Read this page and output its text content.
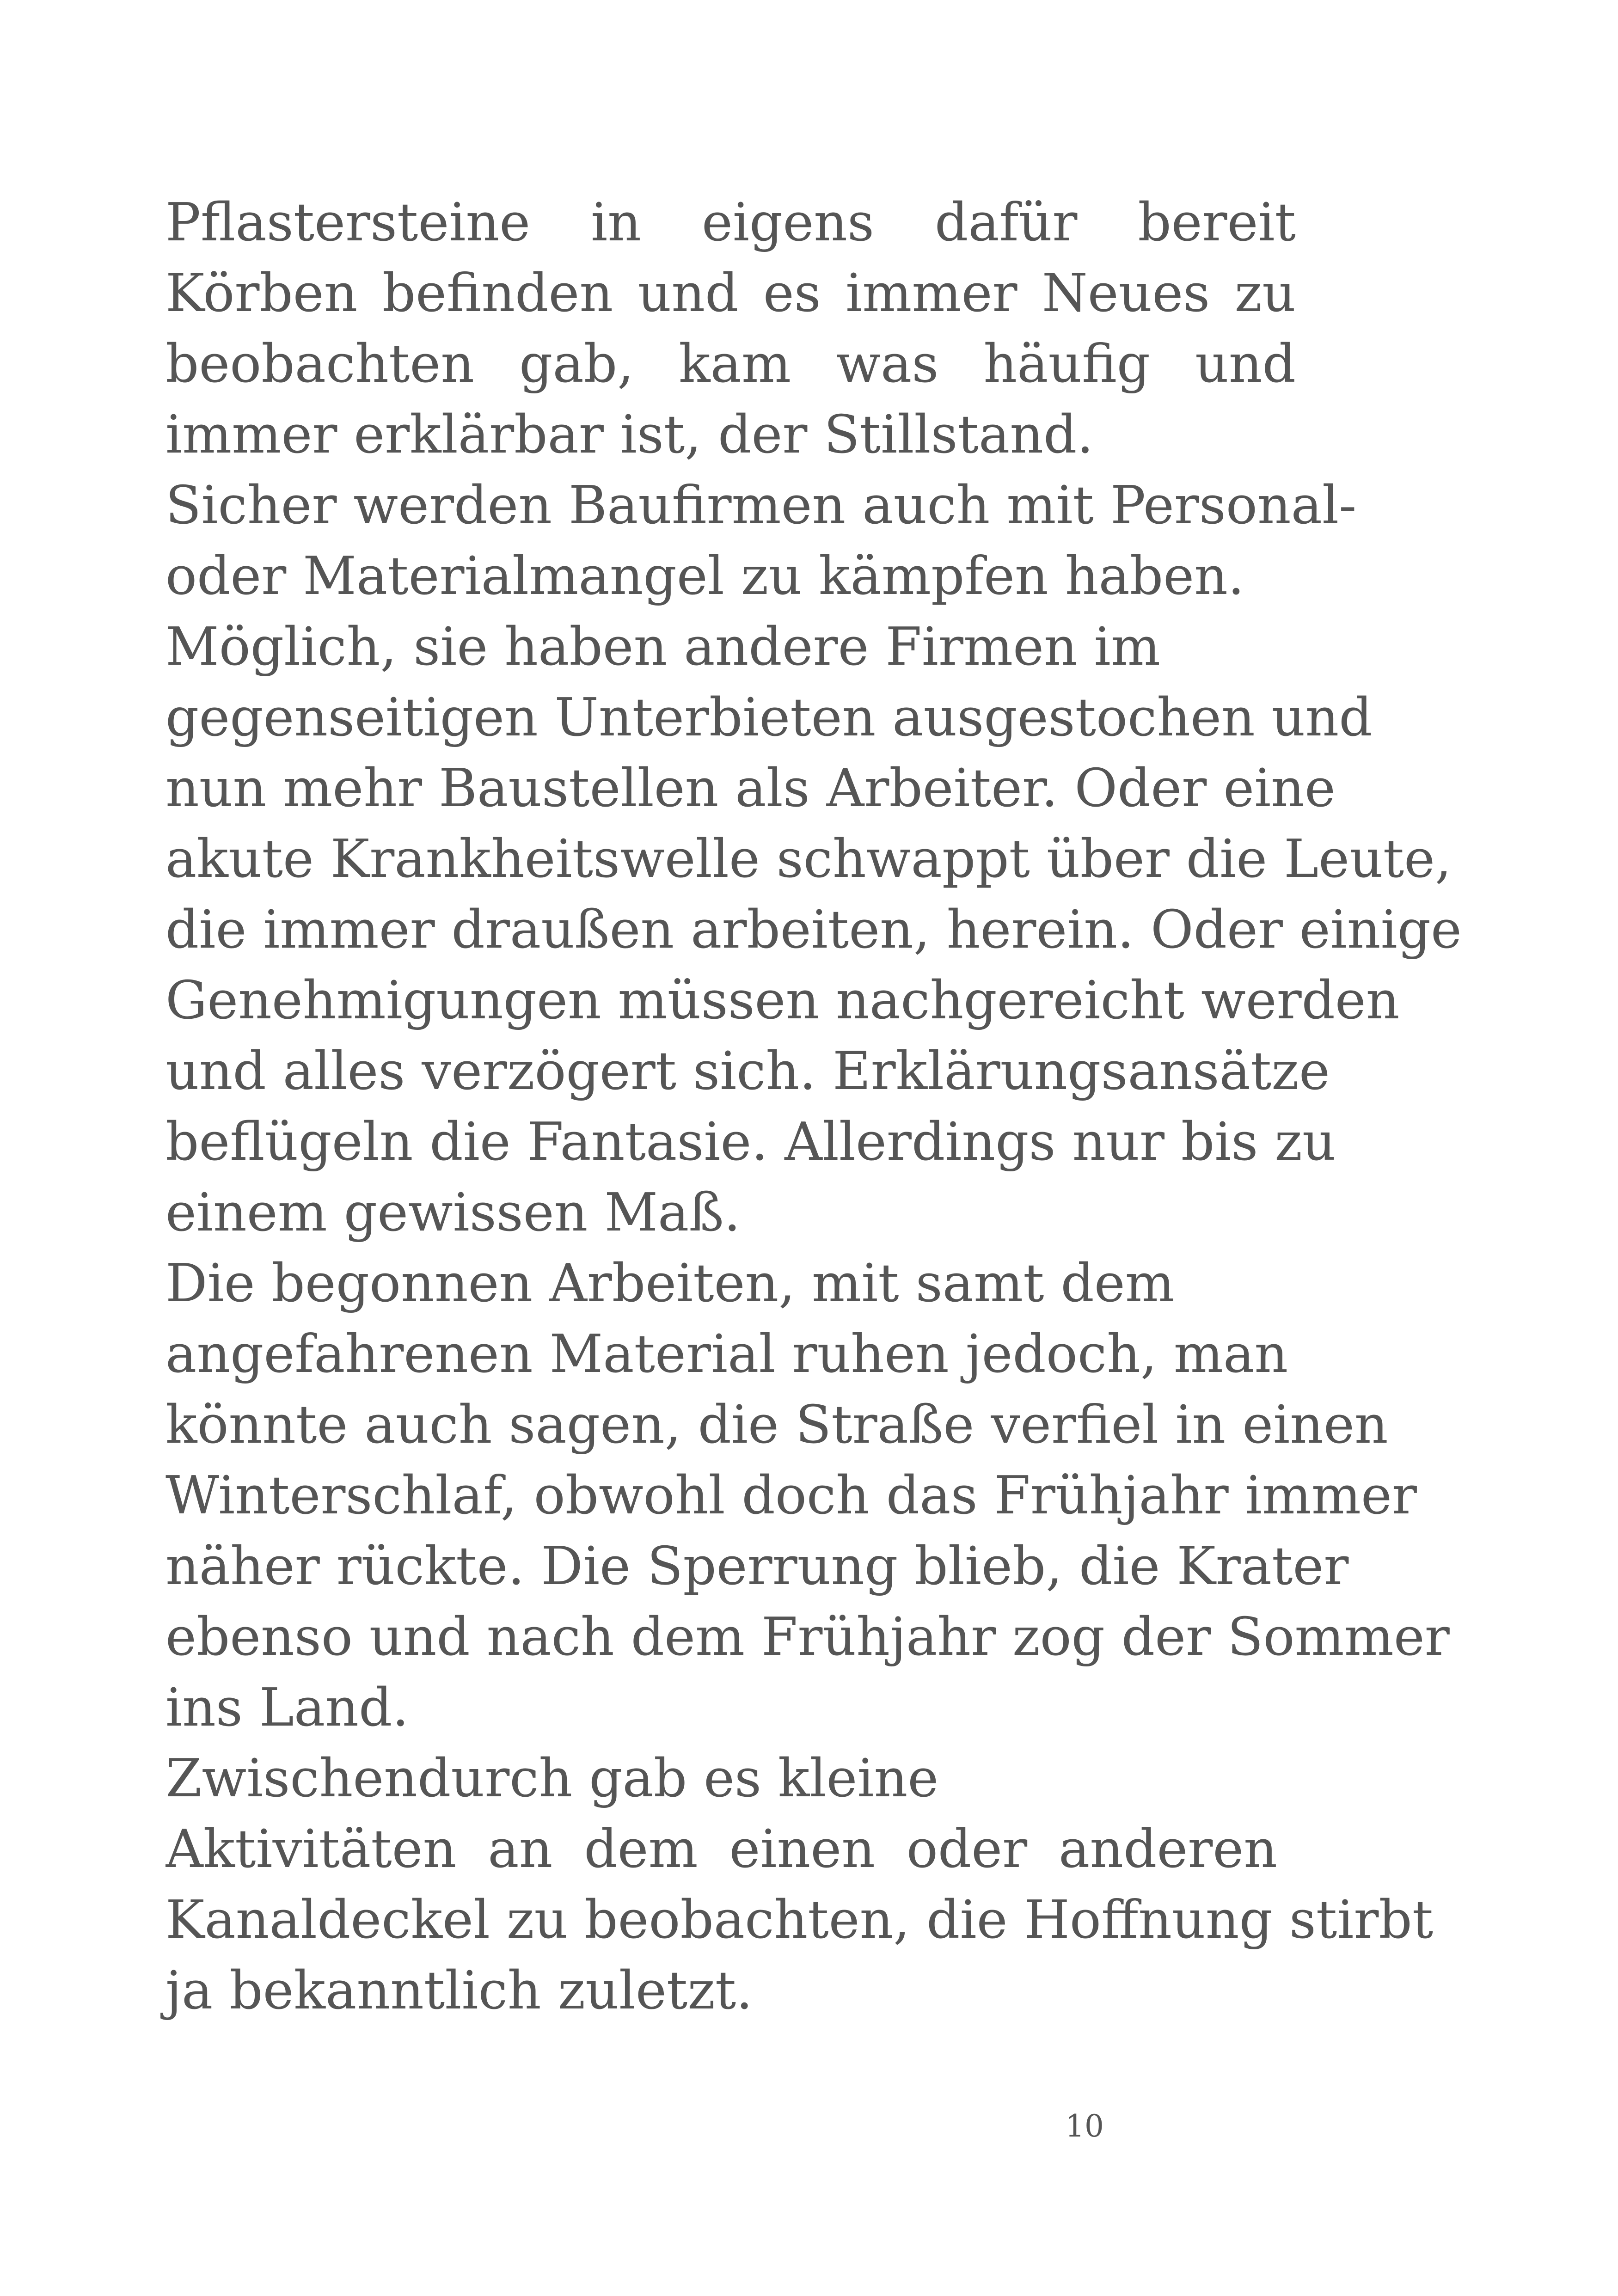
Pflastersteine in eigens dafür bereit
Körben befinden und es immer Neues zu
beobachten gab, kam was häufig und
immer erklärbar ist, der Stillstand.
Sicher werden Baufirmen auch mit Personal-
oder Materialmangel zu kämpfen haben.
Möglich, sie haben andere Firmen im
gegenseitigen Unterbieten ausgestochen und
nun mehr Baustellen als Arbeiter. Oder eine
akute Krankheitswelle schwappt über die Leute,
die immer draußen arbeiten, herein. Oder einige
Genehmigungen müssen nachgereicht werden
und alles verzögert sich. Erklärungsansätze
beflügeln die Fantasie. Allerdings nur bis zu
einem gewissen Maß.
Die begonnen Arbeiten, mit samt dem
angefahrenen Material ruhen jedoch, man
könnte auch sagen, die Straße verfiel in einen
Winterschlaf, obwohl doch das Frühjahr immer
näher rückte. Die Sperrung blieb, die Krater
ebenso und nach dem Frühjahr zog der Sommer
ins Land.
Zwischendurch gab es kleine
Aktivitäten an dem einen oder anderen
Kanaldeckel zu beobachten, die Hoffnung stirbt
ja bekanntlich zuletzt.
10
